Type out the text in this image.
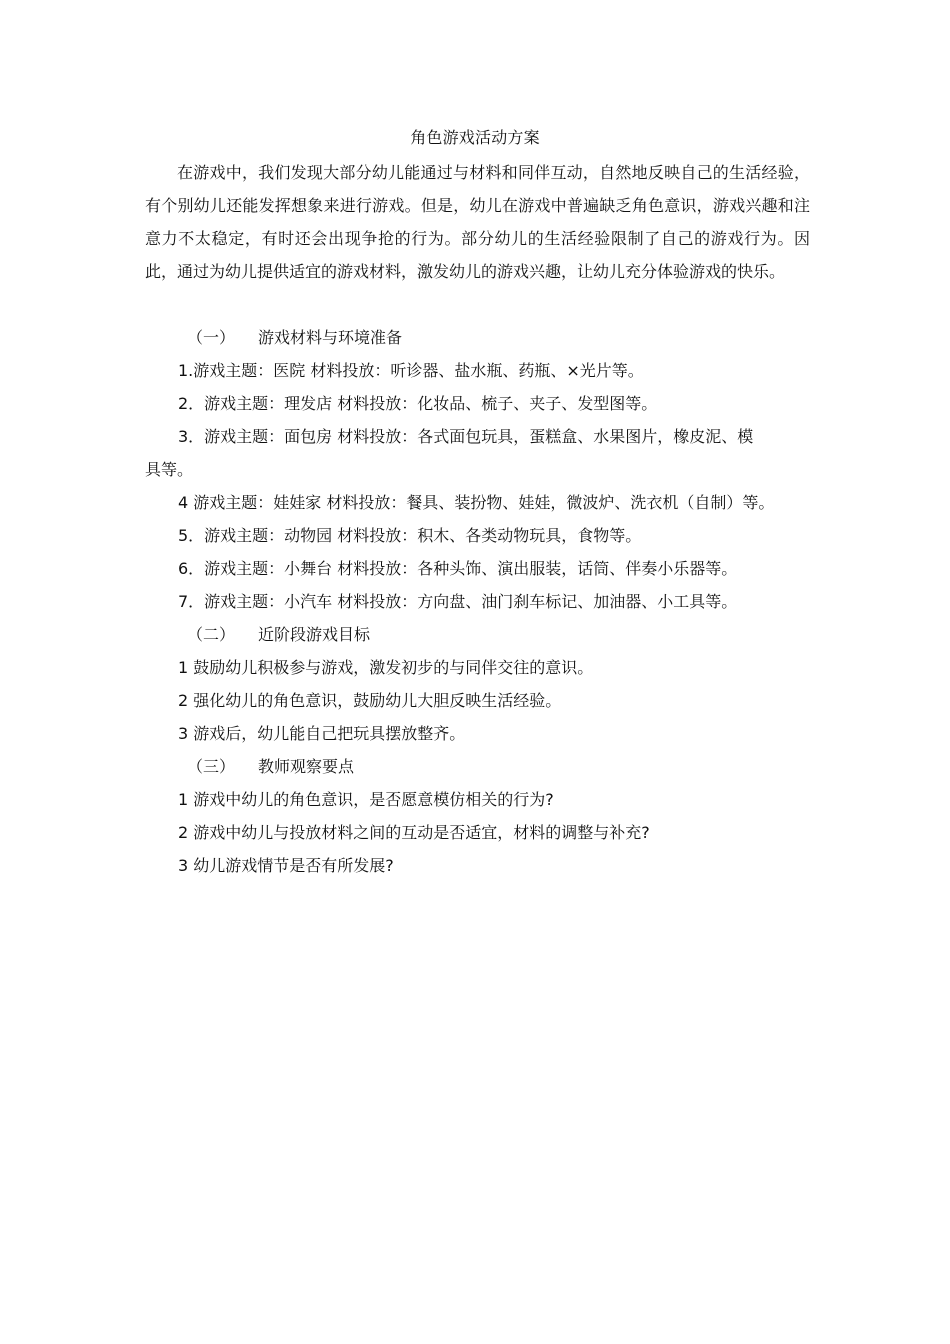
角色游戏活动方案
在游戏中，我们发现大部分幼儿能通过与材料和同伴互动，自然地反映自己的生活经验，有个别幼儿还能发挥想象来进行游戏。但是，幼儿在游戏中普遍缺乏角色意识，游戏兴趣和注意力不太稳定，有时还会出现争抢的行为。部分幼儿的生活经验限制了自己的游戏行为。因此，通过为幼儿提供适宜的游戏材料，激发幼儿的游戏兴趣，让幼儿充分体验游戏的快乐。
（一） 游戏材料与环境准备
1.游戏主题：医院 材料投放：听诊器、盐水瓶、药瓶、×光片等。
2．游戏主题：理发店 材料投放：化妆品、梳子、夹子、发型图等。
3．游戏主题：面包房 材料投放：各式面包玩具，蛋糕盒、水果图片，橡皮泥、模
具等。
4 游戏主题：娃娃家 材料投放：餐具、装扮物、娃娃，微波炉、洗衣机（自制）等。
5．游戏主题：动物园 材料投放：积木、各类动物玩具，食物等。
6．游戏主题：小舞台 材料投放：各种头饰、演出服装，话筒、伴奏小乐器等。
7．游戏主题：小汽车 材料投放：方向盘、油门刹车标记、加油器、小工具等。
（二） 近阶段游戏目标
1 鼓励幼儿积极参与游戏，激发初步的与同伴交往的意识。
2 强化幼儿的角色意识，鼓励幼儿大胆反映生活经验。
3 游戏后，幼儿能自己把玩具摆放整齐。
（三） 教师观察要点
1 游戏中幼儿的角色意识，是否愿意模仿相关的行为?
2 游戏中幼儿与投放材料之间的互动是否适宜，材料的调整与补充?
3 幼儿游戏情节是否有所发展?
